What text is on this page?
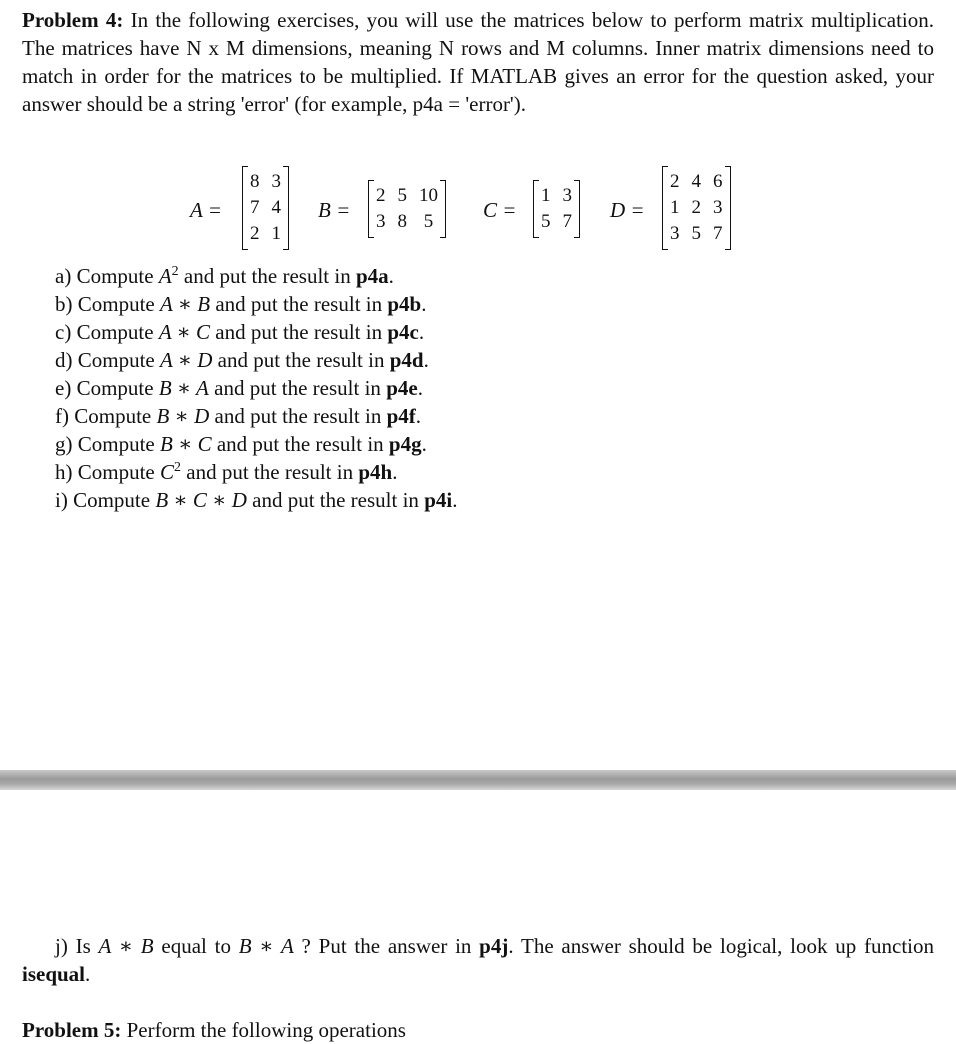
Problem 4: In the following exercises, you will use the matrices below to perform matrix multiplication. The matrices have N x M dimensions, meaning N rows and M columns. Inner matrix dimensions need to match in order for the matrices to be multiplied. If MATLAB gives an error for the question asked, your answer should be a string 'error' (for example, p4a = 'error').
A =
8 3
7 4
2 1
B =
2 5 10
3 8 5 C =
1 3
5 7 D =
2 4 6
1 2 3
3 5 7
a) Compute $A^2$ and put the result in p4a.
b) Compute A ∗ B and put the result in p4b.
c) Compute A ∗ C and put the result in p4c.
d) Compute A ∗ D and put the result in p4d.
e) Compute B ∗ A and put the result in p4e.
f) Compute B ∗ D and put the result in p4f.
g) Compute B ∗ C and put the result in p4g.
h) Compute $C^2$ and put the result in p4h.
i) Compute B ∗ C ∗ D and put the result in p4i.
j) Is A ∗ B equal to B ∗ A ? Put the answer in p4j. The answer should be logical, look up function isequal.
Problem 5: Perform the following operations
